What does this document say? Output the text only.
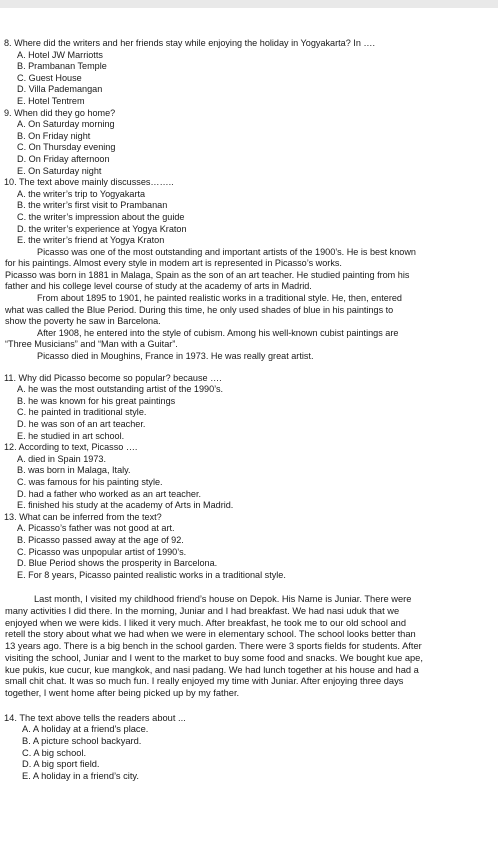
8. Where did the writers and her friends stay while enjoying the holiday in Yogyakarta? In ….
A. Hotel JW Marriotts
B. Prambanan Temple
C. Guest House
D. Villa Pademangan
E. Hotel Tentrem
9. When did they go home?
A. On Saturday morning
B. On Friday night
C. On Thursday evening
D. On Friday afternoon
E. On Saturday night
10. The text above mainly discusses……..
A. the writer’s trip to Yogyakarta
B. the writer’s first visit to Prambanan
C. the writer’s impression about the guide
D. the writer’s experience at Yogya Kraton
E. the writer’s friend at Yogya Kraton
Picasso was one of the most outstanding and important artists of the 1900’s. He is best known
for his paintings. Almost every style in modem art is represented in Picasso’s works.
Picasso was born in 1881 in Malaga, Spain as the son of an art teacher. He studied painting from his
father and his college level course of study at the academy of arts in Madrid.
From about 1895 to 1901, he painted realistic works in a traditional style. He, then, entered
what was called the Blue Period. During this time, he only used shades of blue in his paintings to
show the poverty he saw in Barcelona.
After 1908, he entered into the style of cubism. Among his well-known cubist paintings are
“Three Musicians” and “Man with a Guitar”.
Picasso died in Moughins, France in 1973. He was really great artist.
11. Why did Picasso become so popular? because ….
A. he was the most outstanding artist of the 1990’s.
B. he was known for his great paintings
C. he painted in traditional style.
D. he was son of an art teacher.
E. he studied in art school.
12. According to text, Picasso ….
A. died in Spain 1973.
B. was born in Malaga, Italy.
C. was famous for his painting style.
D. had a father who worked as an art teacher.
E. finished his study at the academy of Arts in Madrid.
13. What can be inferred from the text?
A. Picasso’s father was not good at art.
B. Picasso passed away at the age of 92.
C. Picasso was unpopular artist of 1990’s.
D. Blue Period shows the prosperity in Barcelona.
E. For 8 years, Picasso painted realistic works in a traditional style.
Last month, I visited my childhood friend’s house on Depok. His Name is Juniar. There were
many activities I did there. In the morning, Juniar and I had breakfast. We had nasi uduk that we
enjoyed when we were kids. I liked it very much. After breakfast, he took me to our old school and
retell the story about what we had when we were in elementary school. The school looks better than
13 years ago. There is a big bench in the school garden. There were 3 sports fields for students. After
visiting the school, Juniar and I went to the market to buy some food and snacks. We bought kue ape,
kue pukis, kue cucur, kue mangkok, and nasi padang. We had lunch together at his house and had a
small chit chat. It was so much fun. I really enjoyed my time with Juniar. After enjoying three days
together, I went home after being picked up by my father.
14. The text above tells the readers about ...
A. A holiday at a friend's place.
B. A picture school backyard.
C. A big school.
D. A big sport field.
E. A holiday in a friend’s city.
